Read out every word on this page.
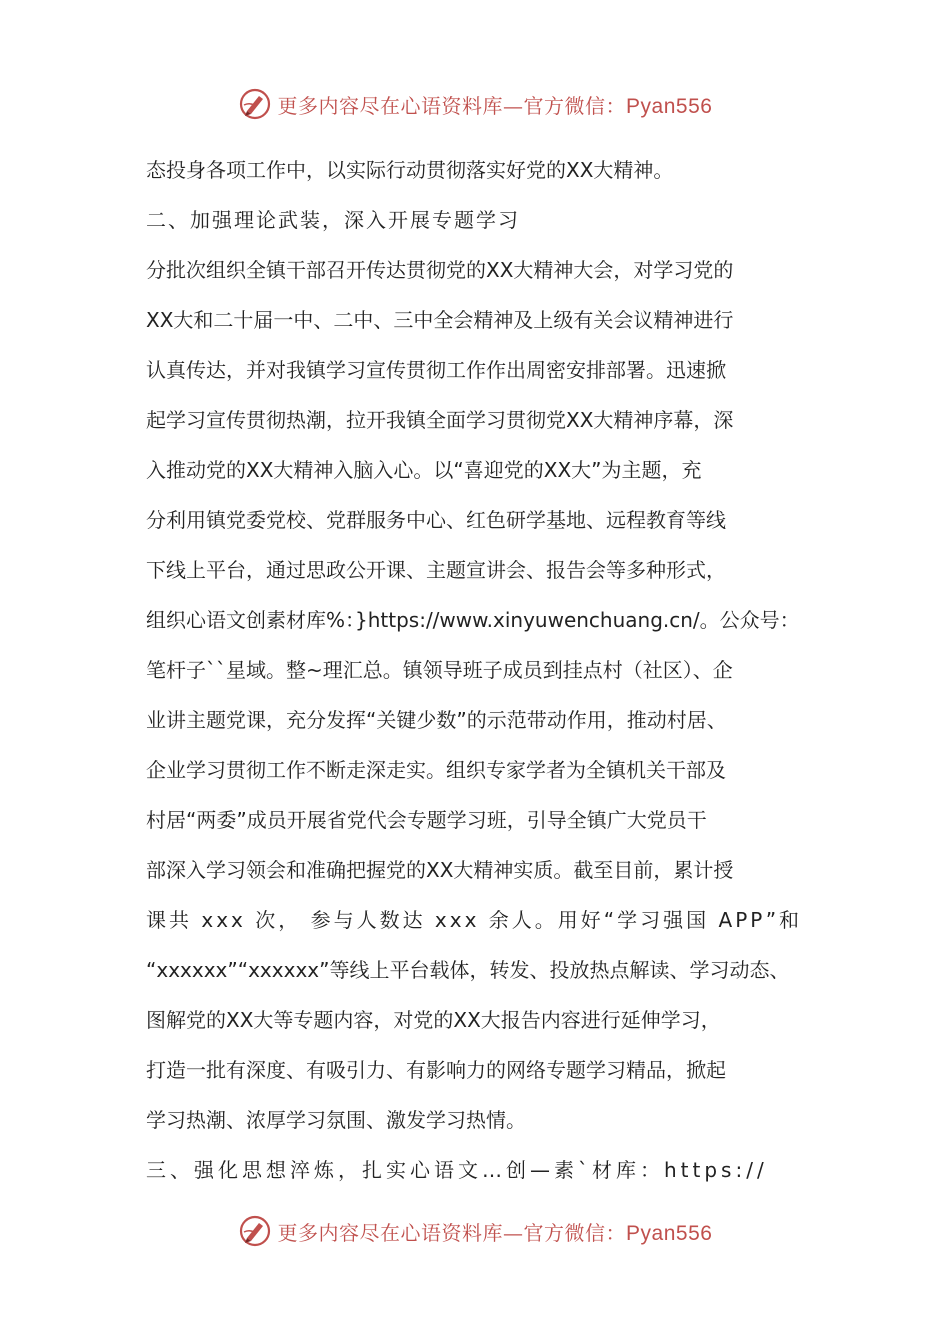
更多内容尽在心语资料库—官方微信：Pyan556
态投身各项工作中，以实际行动贯彻落实好党的XX大精神。
二、加强理论武装，深入开展专题学习
分批次组织全镇干部召开传达贯彻党的XX大精神大会，对学习党的
XX大和二十届一中、二中、三中全会精神及上级有关会议精神进行
认真传达，并对我镇学习宣传贯彻工作作出周密安排部署。迅速掀
起学习宣传贯彻热潮，拉开我镇全面学习贯彻党XX大精神序幕，深
入推动党的XX大精神入脑入心。以“喜迎党的XX大”为主题，充
分利用镇党委党校、党群服务中心、红色研学基地、远程教育等线
下线上平台，通过思政公开课、主题宣讲会、报告会等多种形式，
组织心语文创素材库%：}https://www.xinyuwenchuang.cn/。公众号：
笔杆子``星域。整~理汇总。镇领导班子成员到挂点村（社区）、企
业讲主题党课，充分发挥“关键少数”的示范带动作用，推动村居、
企业学习贯彻工作不断走深走实。组织专家学者为全镇机关干部及
村居“两委”成员开展省党代会专题学习班，引导全镇广大党员干
部深入学习领会和准确把握党的XX大精神实质。截至目前，累计授
课共 xxx 次， 参与人数达 xxx 余人。用好“学习强国 APP”和
“xxxxxx”“xxxxxx”等线上平台载体，转发、投放热点解读、学习动态、
图解党的XX大等专题内容，对党的XX大报告内容进行延伸学习，
打造一批有深度、有吸引力、有影响力的网络专题学习精品，掀起
学习热潮、浓厚学习氛围、激发学习热情。
三、强化思想淬炼，扎实心语文…创—素`材库：https://
更多内容尽在心语资料库—官方微信：Pyan556
